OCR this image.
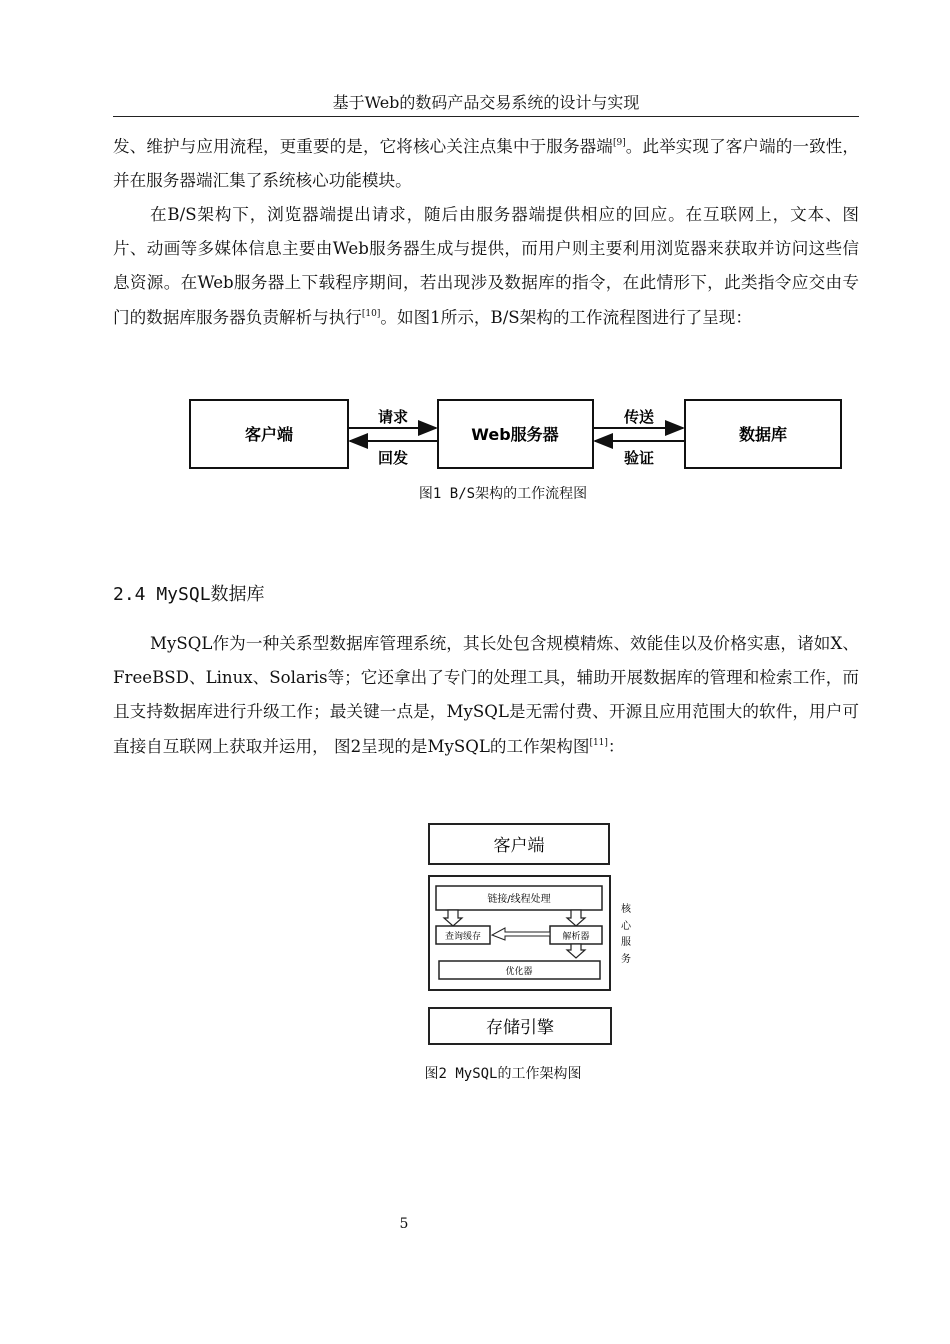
基于Web的数码产品交易系统的设计与实现
发、维护与应用流程，更重要的是，它将核心关注点集中于服务器端[9]。此举实现了客户端的一致性，并在服务器端汇集了系统核心功能模块。
在B/S架构下，浏览器端提出请求，随后由服务器端提供相应的回应。在互联网上，文本、图片、动画等多媒体信息主要由Web服务器生成与提供，而用户则主要利用浏览器来获取并访问这些信息资源。在Web服务器上下载程序期间，若出现涉及数据库的指令，在此情形下，此类指令应交由专门的数据库服务器负责解析与执行[10]。如图1所示，B/S架构的工作流程图进行了呈现：
客户端	Web服务器	数据库
请求
回发
传送
验证
图1 B/S架构的工作流程图
2.4 MySQL数据库
MySQL作为一种关系型数据库管理系统，其长处包含规模精炼、效能佳以及价格实惠，诸如X、FreeBSD、Linux、Solaris等；它还拿出了专门的处理工具，辅助开展数据库的管理和检索工作，而且支持数据库进行升级工作；最关键一点是，MySQL是无需付费、开源且应用范围大的软件，用户可直接自互联网上获取并运用， 图2呈现的是MySQL的工作架构图[11]：
客户端
链接/线程处理
查询缓存	解析器
优化器
核
心
服
务
存储引擎
图2 MySQL的工作架构图
5
